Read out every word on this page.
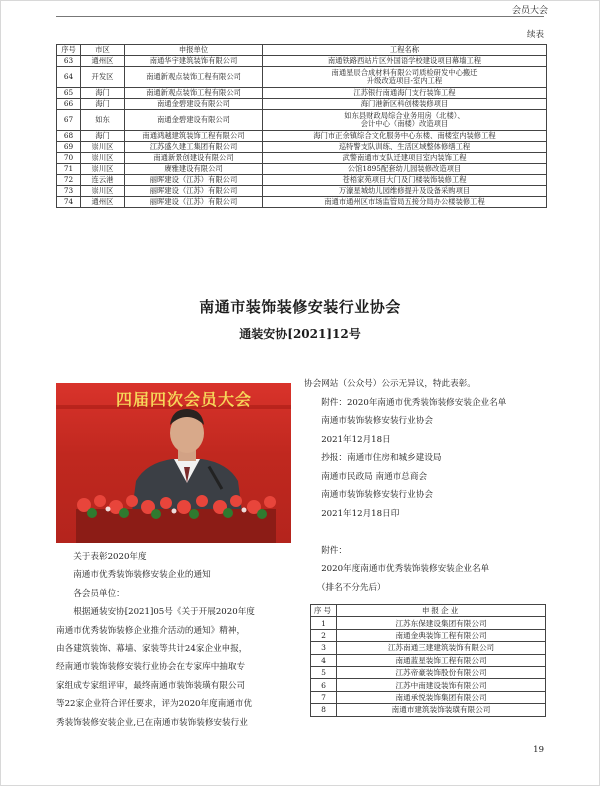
会员大会
续表
序号	市区	申报单位	工程名称
63	通州区	南通华宇建筑装饰有限公司	南通铁路西站片区外国语学校建设项目幕墙工程
64	开发区	南通新观点装饰工程有限公司	南通星辰合成材料有限公司质检研发中心搬迁
升级改造项目-室内工程
65	海门	南通新观点装饰工程有限公司	江苏银行南通海门支行装饰工程
66	海门	南通金碧建设有限公司	海门港新区科创楼装修项目
67	如东	南通金碧建设有限公司	如东县财政局综合业务用房（北楼）、
会计中心（南楼）改造项目
68	海门	南通鸿越建筑装饰工程有限公司	海门市正余镇综合文化服务中心东楼、南楼室内装修工程
69	崇川区	江苏盛久建工集团有限公司	巡特警支队训练、生活区域整体修缮工程
70	崇川区	南通新景创建设有限公司	武警南通市支队迁建项目室内装饰工程
71	崇川区	赓雅建设有限公司	公馆1895配套幼儿园装修改造项目
72	连云港	丽晖建设（江苏）有限公司	苍梧家苑项目大门及门楼装饰装修工程
73	崇川区	丽晖建设（江苏）有限公司	万濠星城幼儿园维修提升及设备采购项目
74	通州区	丽晖建设（江苏）有限公司	南通市通州区市场监管局五接分局办公楼装修工程
南通市装饰装修安装行业协会
通装安协[2021]12号
四届四次会员大会

协会网站（公众号）公示无异议，特此表彰。

　　附件：2020年南通市优秀装饰装修安装企业名单

　　南通市装饰装修安装行业协会

　　2021年12月18日

　　抄报：南通市住房和城乡建设局

　　南通市民政局 南通市总商会

　　南通市装饰装修安装行业协会

　　2021年12月18日印

　　附件：

　　2020年度南通市优秀装饰装修安装企业名单

　　（排名不分先后）

　　关于表彰2020年度

　　南通市优秀装饰装修安装企业的通知

　　各会员单位：

　　根据通装安协[2021]05号《关于开展2020年度

南通市优秀装饰装修企业推介活动的通知》精神，

由各建筑装饰、幕墙、家装等共计24家企业申报，

经南通市装饰装修安装行业协会在专家库中抽取专

家组成专家组评审，最终南通市装饰装璜有限公司

等22家企业符合评任要求，评为2020年度南通市优

秀装饰装修安装企业,已在南通市装饰装修安装行业

序号	申报企业
1	江苏东保建设集团有限公司
2	南通金典装饰工程有限公司
3	江苏南通三建建筑装饰有限公司
4	南通蓝星装饰工程有限公司
5	江苏帝豪装饰股份有限公司
6	江苏中南建设装饰有限公司
7	南通承悦装饰集团有限公司
8	南通市建筑装饰装璜有限公司
19
